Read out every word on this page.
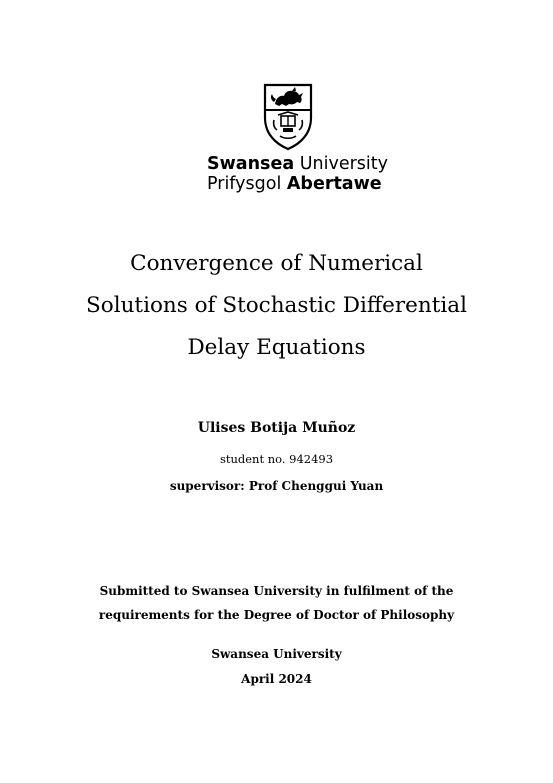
Swansea University
Prifysgol Abertawe
Convergence of Numerical
Solutions of Stochastic Differential
Delay Equations
Ulises Botija Muñoz
student no. 942493
supervisor: Prof Chenggui Yuan
Submitted to Swansea University in fulfilment of the
requirements for the Degree of Doctor of Philosophy
Swansea University
April 2024
